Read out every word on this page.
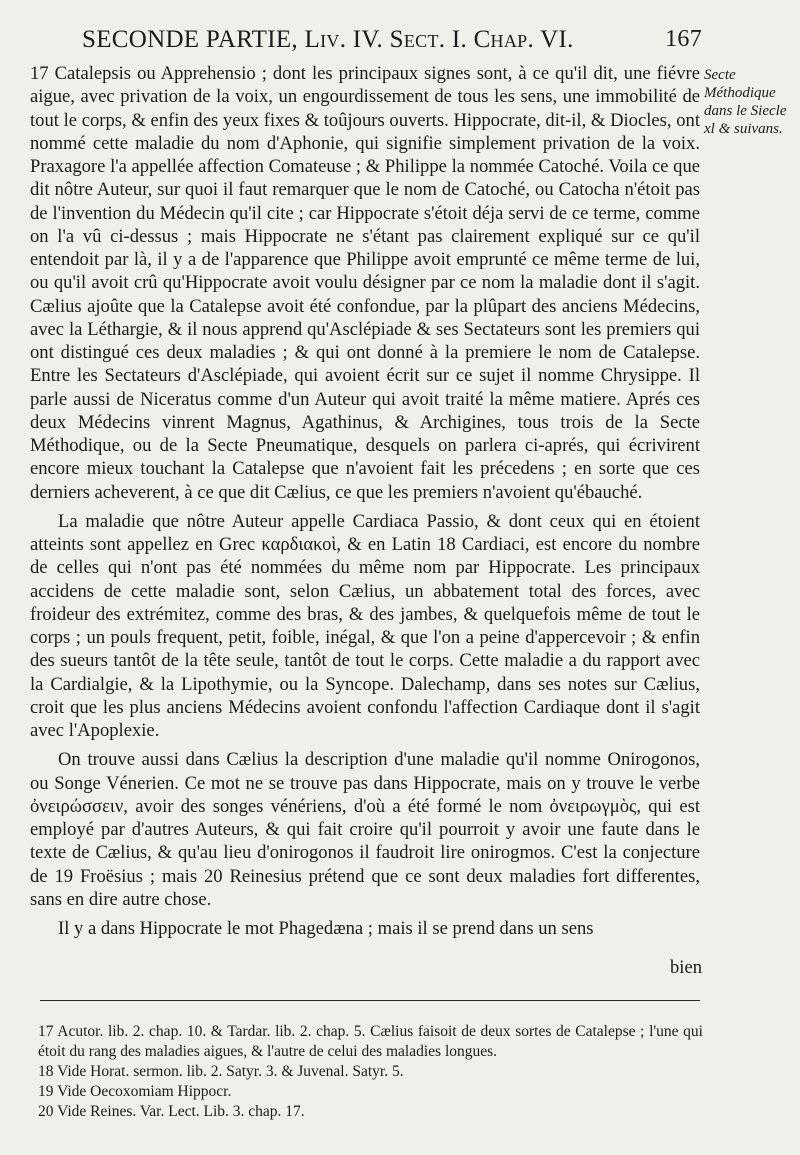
SECONDE PARTIE, Liv. IV. Sect. I. Chap. VI.	167

17 Catalepsis ou Apprehensio ; dont les principaux signes sont, à ce qu'il dit, une fiévre aigue, avec privation de la voix, un engourdissement de tous les sens, une immobilité de tout le corps, & enfin des yeux fixes & toûjours ouverts. Hippocrate, dit-il, & Diocles, ont nommé cette maladie du nom d'Aphonie, qui signifie simplement privation de la voix. Praxagore l'a appellée affection Comateuse ; & Philippe la nommée Catoché. Voila ce que dit nôtre Auteur, sur quoi il faut remarquer que le nom de Catoché, ou Catocha n'étoit pas de l'invention du Médecin qu'il cite ; car Hippocrate s'étoit déja servi de ce terme, comme on l'a vû ci-dessus ; mais Hippocrate ne s'étant pas clairement expliqué sur ce qu'il entendoit par là, il y a de l'apparence que Philippe avoit emprunté ce même terme de lui, ou qu'il avoit crû qu'Hippocrate avoit voulu désigner par ce nom la maladie dont il s'agit. Cælius ajoûte que la Catalepse avoit été confondue, par la plûpart des anciens Médecins, avec la Léthargie, & il nous apprend qu'Asclépiade & ses Sectateurs sont les premiers qui ont distingué ces deux maladies ; & qui ont donné à la premiere le nom de Catalepse. Entre les Sectateurs d'Asclépiade, qui avoient écrit sur ce sujet il nomme Chrysippe. Il parle aussi de Niceratus comme d'un Auteur qui avoit traité la même matiere. Aprés ces deux Médecins vinrent Magnus, Agathinus, & Archigines, tous trois de la Secte Méthodique, ou de la Secte Pneumatique, desquels on parlera ci-aprés, qui écrivirent encore mieux touchant la Catalepse que n'avoient fait les précedens ; en sorte que ces derniers acheverent, à ce que dit Cælius, ce que les premiers n'avoient qu'ébauché.

La maladie que nôtre Auteur appelle Cardiaca Passio, & dont ceux qui en étoient atteints sont appellez en Grec καρδιακοὶ, & en Latin 18 Cardiaci, est encore du nombre de celles qui n'ont pas été nommées du même nom par Hippocrate. Les principaux accidens de cette maladie sont, selon Cælius, un abbatement total des forces, avec froideur des extrémitez, comme des bras, & des jambes, & quelquefois même de tout le corps ; un pouls frequent, petit, foible, inégal, & que l'on a peine d'appercevoir ; & enfin des sueurs tantôt de la tête seule, tantôt de tout le corps. Cette maladie a du rapport avec la Cardialgie, & la Lipothymie, ou la Syncope. Dalechamp, dans ses notes sur Cælius, croit que les plus anciens Médecins avoient confondu l'affection Cardiaque dont il s'agit avec l'Apoplexie.

On trouve aussi dans Cælius la description d'une maladie qu'il nomme Onirogonos, ou Songe Vénerien. Ce mot ne se trouve pas dans Hippocrate, mais on y trouve le verbe ὀνειρώσσειν, avoir des songes vénériens, d'où a été formé le nom ὀνειρωγμὸς, qui est employé par d'autres Auteurs, & qui fait croire qu'il pourroit y avoir une faute dans le texte de Cælius, & qu'au lieu d'onirogonos il faudroit lire onirogmos. C'est la conjecture de 19 Froësius ; mais 20 Reinesius prétend que ce sont deux maladies fort differentes, sans en dire autre chose.

Il y a dans Hippocrate le mot Phagedæna ; mais il se prend dans un sens

bien
Secte Méthodique dans le Siecle xl & suivans.

17 Acutor. lib. 2. chap. 10. & Tardar. lib. 2. chap. 5. Cælius faisoit de deux sortes de Catalepse ; l'une qui étoit du rang des maladies aigues, & l'autre de celui des maladies longues.

18 Vide Horat. sermon. lib. 2. Satyr. 3. & Juvenal. Satyr. 5.

19 Vide Oecoxomiam Hippocr.

20 Vide Reines. Var. Lect. Lib. 3. chap. 17.
